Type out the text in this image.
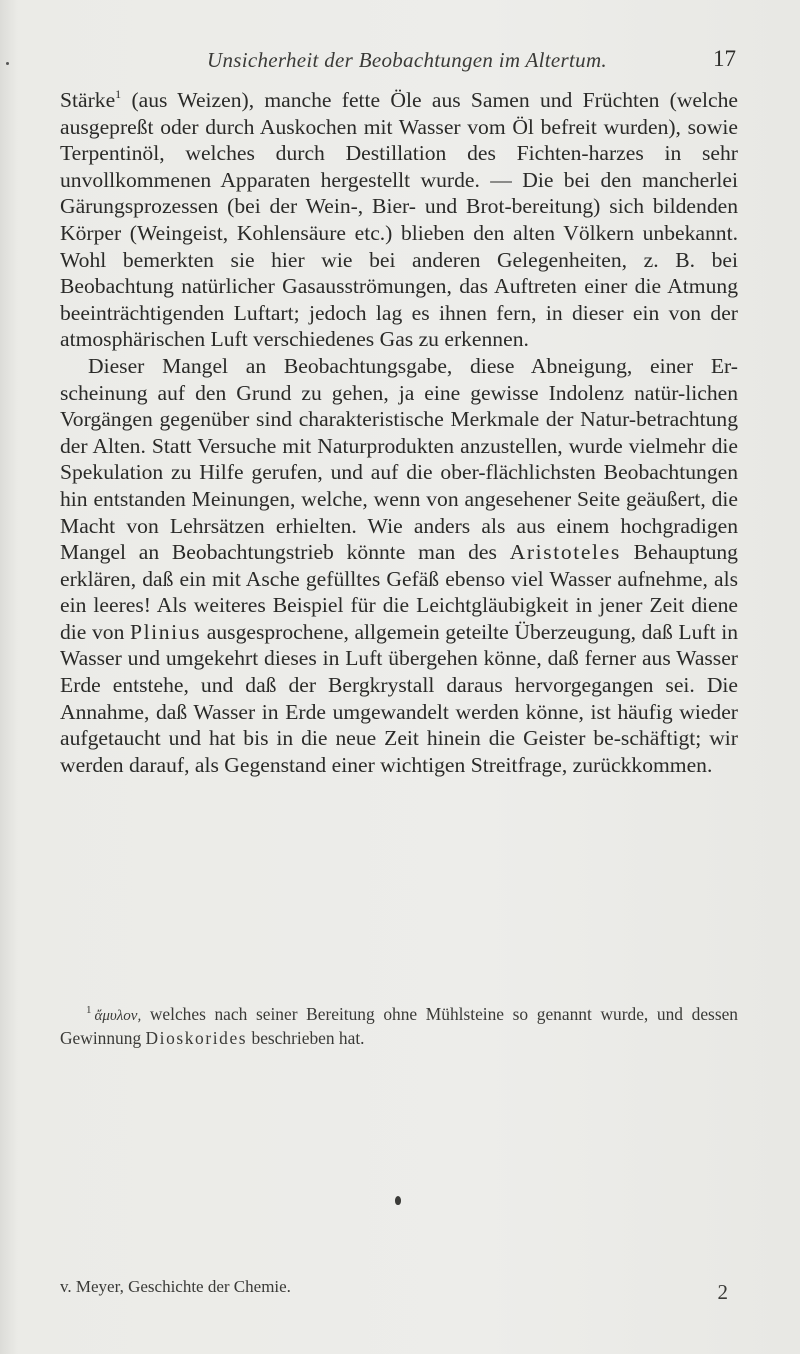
Unsicherheit der Beobachtungen im Altertum.	17

Stärke$^1$ (aus Weizen), manche fette Öle aus Samen und Früchten (welche ausgepreßt oder durch Auskochen mit Wasser vom Öl befreit wurden), sowie Terpentinöl, welches durch Destillation des Fichten-harzes in sehr unvollkommenen Apparaten hergestellt wurde. — Die bei den mancherlei Gärungsprozessen (bei der Wein-, Bier- und Brot-bereitung) sich bildenden Körper (Weingeist, Kohlensäure etc.) blieben den alten Völkern unbekannt. Wohl bemerkten sie hier wie bei anderen Gelegenheiten, z. B. bei Beobachtung natürlicher Gasausströmungen, das Auftreten einer die Atmung beeinträchtigenden Luftart; jedoch lag es ihnen fern, in dieser ein von der atmosphärischen Luft verschiedenes Gas zu erkennen.

Dieser Mangel an Beobachtungsgabe, diese Abneigung, einer Er-scheinung auf den Grund zu gehen, ja eine gewisse Indolenz natür-lichen Vorgängen gegenüber sind charakteristische Merkmale der Natur-betrachtung der Alten. Statt Versuche mit Naturprodukten anzustellen, wurde vielmehr die Spekulation zu Hilfe gerufen, und auf die ober-flächlichsten Beobachtungen hin entstanden Meinungen, welche, wenn von angesehener Seite geäußert, die Macht von Lehrsätzen erhielten. Wie anders als aus einem hochgradigen Mangel an Beobachtungstrieb könnte man des Aristoteles Behauptung erklären, daß ein mit Asche gefülltes Gefäß ebenso viel Wasser aufnehme, als ein leeres! Als weiteres Beispiel für die Leichtgläubigkeit in jener Zeit diene die von Plinius ausgesprochene, allgemein geteilte Überzeugung, daß Luft in Wasser und umgekehrt dieses in Luft übergehen könne, daß ferner aus Wasser Erde entstehe, und daß der Bergkrystall daraus hervorgegangen sei. Die Annahme, daß Wasser in Erde umgewandelt werden könne, ist häufig wieder aufgetaucht und hat bis in die neue Zeit hinein die Geister be-schäftigt; wir werden darauf, als Gegenstand einer wichtigen Streitfrage, zurückkommen.

$^1$ ἄμυλον, welches nach seiner Bereitung ohne Mühlsteine so genannt wurde, und dessen Gewinnung Dioskorides beschrieben hat.
v. Meyer, Geschichte der Chemie.	2
